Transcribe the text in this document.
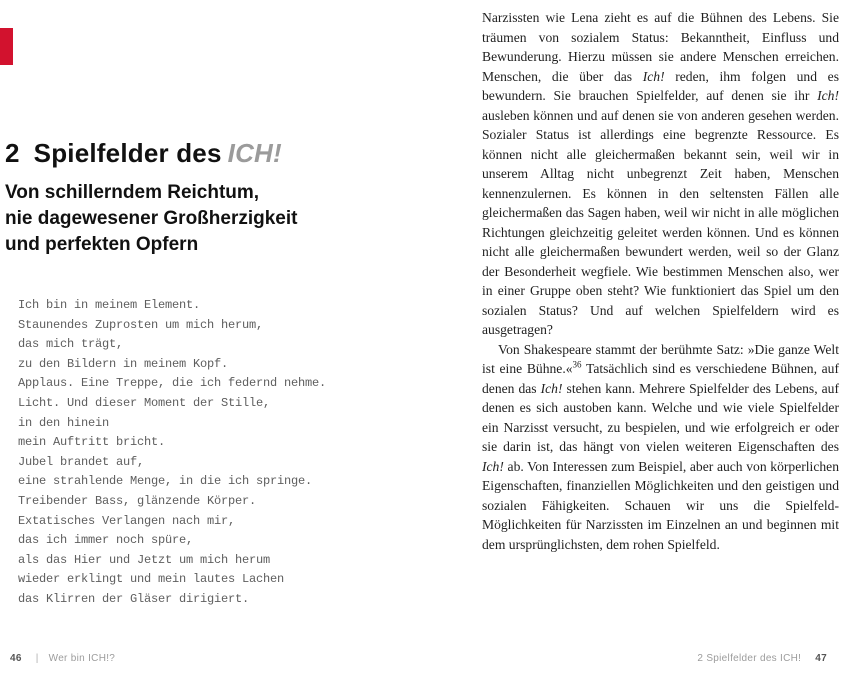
2 Spielfelder des ICH!
Von schillerndem Reichtum,
nie dagewesener Großherzigkeit
und perfekten Opfern
Ich bin in meinem Element.
Staunendes Zuprosten um mich herum,
das mich trägt,
zu den Bildern in meinem Kopf.
Applaus. Eine Treppe, die ich federnd nehme.
Licht. Und dieser Moment der Stille,
in den hinein
mein Auftritt bricht.
Jubel brandet auf,
eine strahlende Menge, in die ich springe.
Treibender Bass, glänzende Körper.
Extatisches Verlangen nach mir,
das ich immer noch spüre,
als das Hier und Jetzt um mich herum
wieder erklingt und mein lautes Lachen
das Klirren der Gläser dirigiert.
46 | Wer bin ICH!?

Narzissten wie Lena zieht es auf die Bühnen des Lebens. Sie träumen von sozialem Status: Bekanntheit, Einfluss und Bewunderung. Hierzu müssen sie andere Menschen erreichen. Menschen, die über das Ich! reden, ihm folgen und es bewundern. Sie brauchen Spielfelder, auf denen sie ihr Ich! ausleben können und auf denen sie von anderen gesehen werden. Sozialer Status ist allerdings eine begrenzte Ressource. Es können nicht alle gleichermaßen bekannt sein, weil wir in unserem Alltag nicht unbegrenzt Zeit haben, Menschen kennenzulernen. Es können in den seltensten Fällen alle gleichermaßen das Sagen haben, weil wir nicht in alle möglichen Richtungen gleichzeitig geleitet werden können. Und es können nicht alle gleichermaßen bewundert werden, weil so der Glanz der Besonderheit wegfiele. Wie bestimmen Menschen also, wer in einer Gruppe oben steht? Wie funktioniert das Spiel um den sozialen Status? Und auf welchen Spielfeldern wird es ausgetragen?

Von Shakespeare stammt der berühmte Satz: »Die ganze Welt ist eine Bühne.«$^{36}$ Tatsächlich sind es verschiedene Bühnen, auf denen das Ich! stehen kann. Mehrere Spielfelder des Lebens, auf denen es sich austoben kann. Welche und wie viele Spielfelder ein Narzisst versucht, zu bespielen, und wie erfolgreich er oder sie darin ist, das hängt von vielen weiteren Eigenschaften des Ich! ab. Von Interessen zum Beispiel, aber auch von körperlichen Eigenschaften, finanziellen Möglichkeiten und den geistigen und sozialen Fähigkeiten. Schauen wir uns die Spielfeld-Möglichkeiten für Narzissten im Einzelnen an und beginnen mit dem ursprünglichsten, dem rohen Spielfeld.

2 Spielfelder des ICH! 47
